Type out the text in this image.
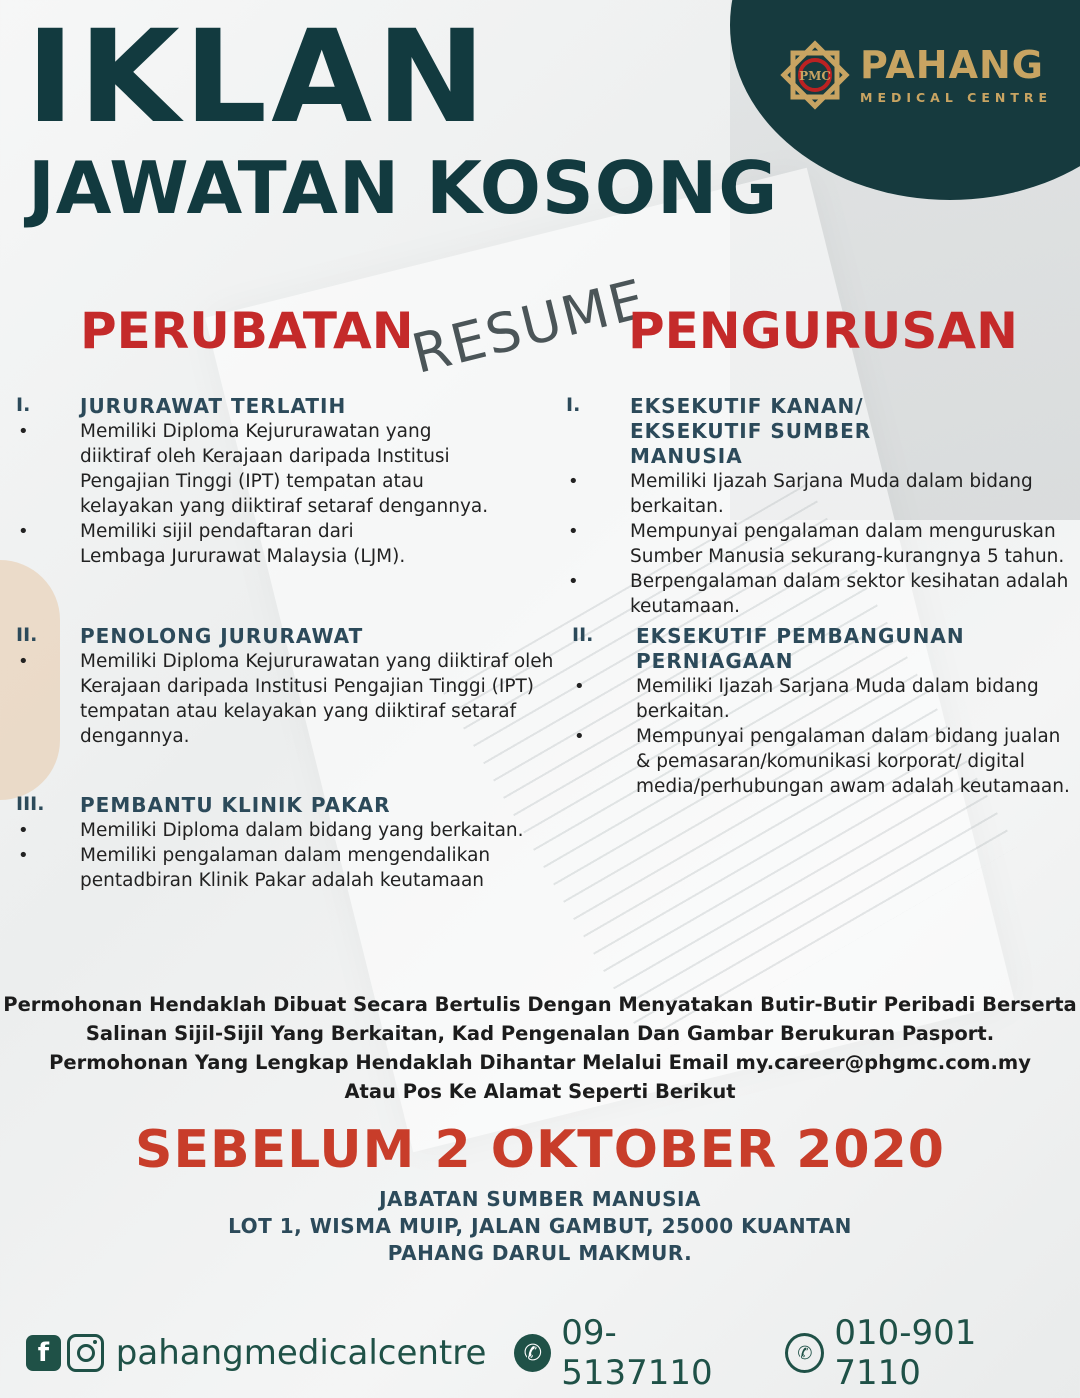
PMC PAHANG
MEDICAL CENTRE
IKLAN
JAWATAN KOSONG
PERUBATAN
RESUME
PENGURUSAN
I. JURURAWAT TERLATIH
• Memiliki Diploma Kejururawatan yang diiktiraf oleh Kerajaan daripada Institusi Pengajian Tinggi (IPT) tempatan atau kelayakan yang diiktiraf setaraf dengannya.
• Memiliki sijil pendaftaran dari Lembaga Jururawat Malaysia (LJM).
II. PENOLONG JURURAWAT
• Memiliki Diploma Kejururawatan yang diiktiraf oleh Kerajaan daripada Institusi Pengajian Tinggi (IPT) tempatan atau kelayakan yang diiktiraf setaraf dengannya.
III. PEMBANTU KLINIK PAKAR
• Memiliki Diploma dalam bidang yang berkaitan.
• Memiliki pengalaman dalam mengendalikan pentadbiran Klinik Pakar adalah keutamaan
I. EKSEKUTIF KANAN/ EKSEKUTIF SUMBER MANUSIA
• Memiliki Ijazah Sarjana Muda dalam bidang berkaitan.
• Mempunyai pengalaman dalam menguruskan Sumber Manusia sekurang-kurangnya 5 tahun.
• Berpengalaman dalam sektor kesihatan adalah keutamaan.
II. EKSEKUTIF PEMBANGUNAN PERNIAGAAN
• Memiliki Ijazah Sarjana Muda dalam bidang berkaitan.
• Mempunyai pengalaman dalam bidang jualan & pemasaran/komunikasi korporat/ digital media/perhubungan awam adalah keutamaan.
Permohonan Hendaklah Dibuat Secara Bertulis Dengan Menyatakan Butir-Butir Peribadi Berserta
Salinan Sijil-Sijil Yang Berkaitan, Kad Pengenalan Dan Gambar Berukuran Pasport.
Permohonan Yang Lengkap Hendaklah Dihantar Melalui Email my.career@phgmc.com.my
Atau Pos Ke Alamat Seperti Berikut
SEBELUM 2 OKTOBER 2020
JABATAN SUMBER MANUSIA
LOT 1, WISMA MUIP, JALAN GAMBUT, 25000 KUANTAN
PAHANG DARUL MAKMUR.
f	pahangmedicalcentre	✆ 09-5137110	✆ 010-901 7110
